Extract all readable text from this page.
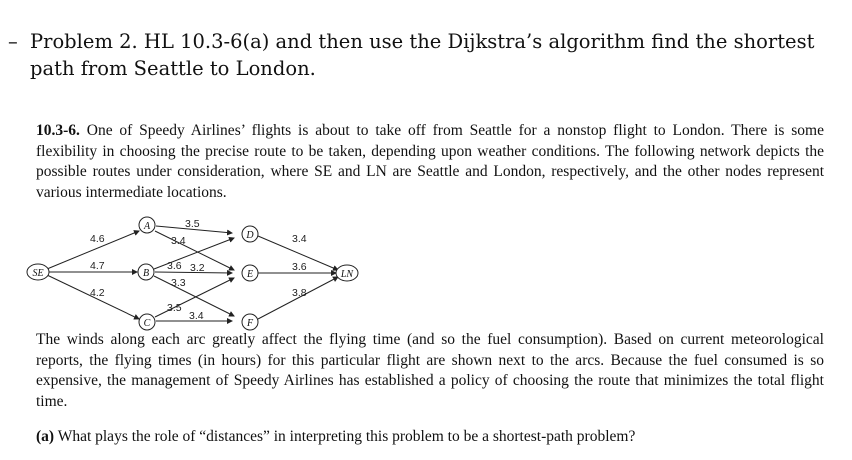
– Problem 2. HL 10.3-6(a) and then use the Dijkstra’s algorithm find the shortest
path from Seattle to London.
10.3-6. One of Speedy Airlines’ flights is about to take off from Seattle for a nonstop flight to London. There is some flexibility in choosing the precise route to be taken, depending upon weather conditions. The following network depicts the possible routes under consideration, where SE and LN are Seattle and London, respectively, and the other nodes represent various intermediate locations.
SE
A
B
C
D
E
F
LN
4.6
4.7
4.2
3.5
3.4
3.6 3.2
3.3
3.5
3.4
3.4
3.6
3.8
The winds along each arc greatly affect the flying time (and so the fuel consumption). Based on current meteorological reports, the flying times (in hours) for this particular flight are shown next to the arcs. Because the fuel consumed is so expensive, the management of Speedy Airlines has established a policy of choosing the route that minimizes the total flight time.
(a) What plays the role of “distances” in interpreting this problem to be a shortest-path problem?
